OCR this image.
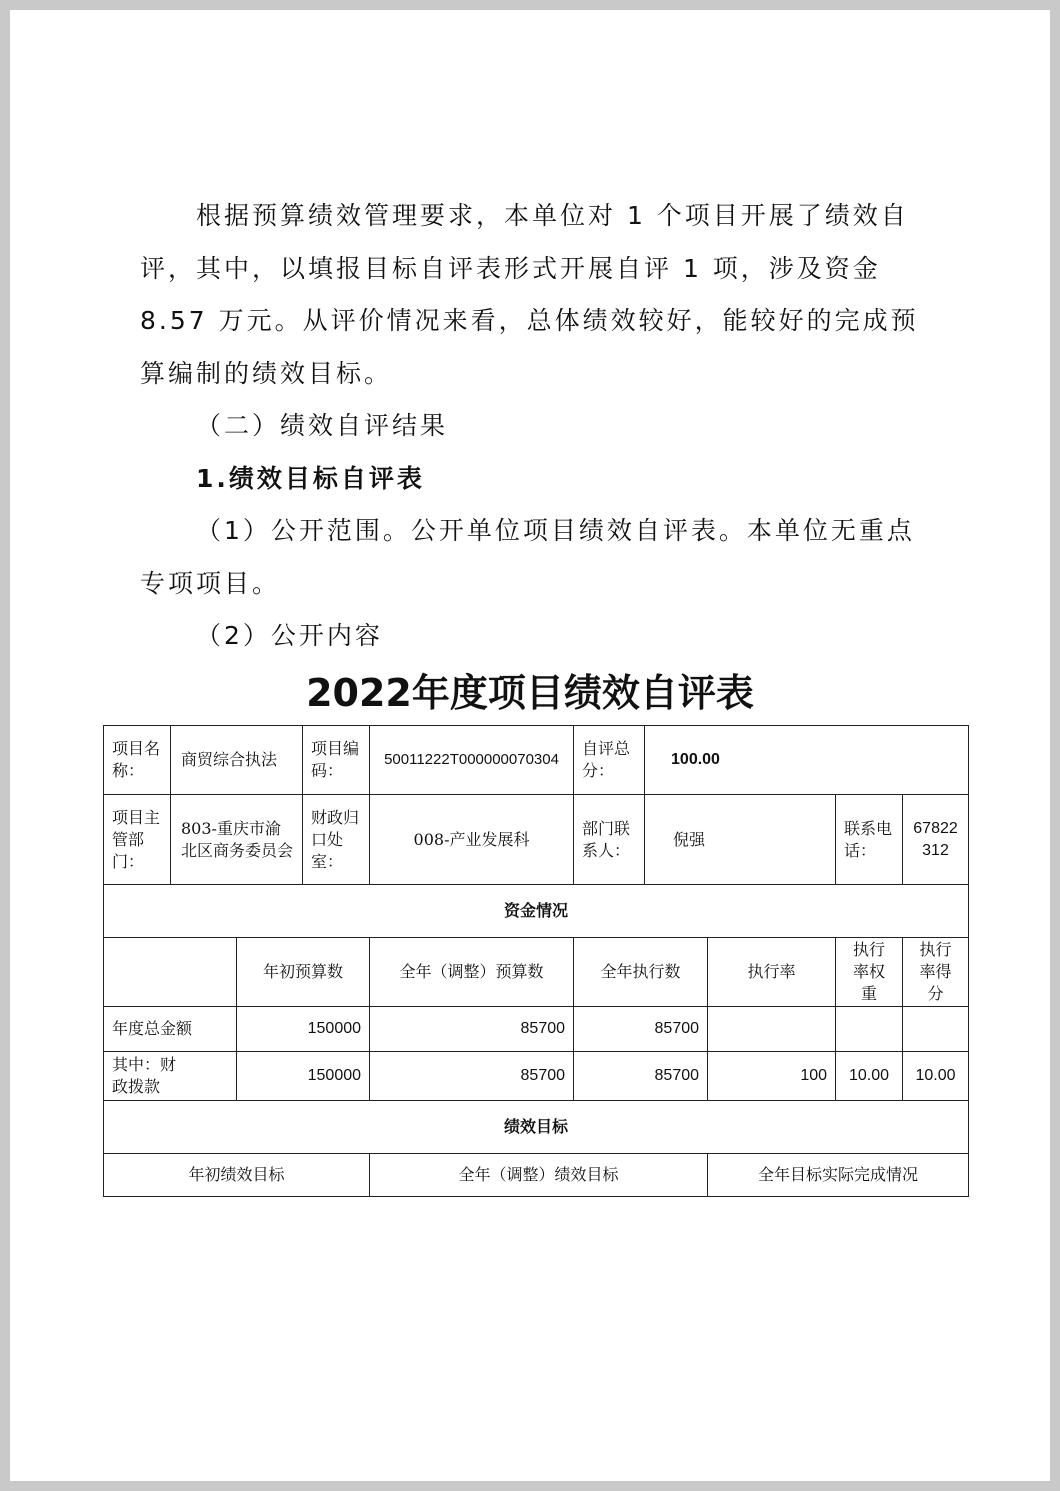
根据预算绩效管理要求，本单位对 1 个项目开展了绩效自评，其中，以填报目标自评表形式开展自评 1 项，涉及资金 8.57 万元。从评价情况来看，总体绩效较好，能较好的完成预算编制的绩效目标。

（二）绩效自评结果

1.绩效目标自评表

（1）公开范围。公开单位项目绩效自评表。本单位无重点专项项目。

（2）公开内容

2022年度项目绩效自评表
项目名称：	商贸综合执法		项目编码：	50011222T000000070304	自评总分：	100.00			
项目主管部门：	803-重庆市渝北区商务委员会		财政归口处室：	008-产业发展科	部门联系人：	倪强		联系电话：	67822312
资金情况									
		年初预算数		全年（调整）预算数	全年执行数		执行率	执行率权重	执行率得分
年度总金额		150000		85700	85700				
其中：财政拨款		150000		85700	85700		100	10.00	10.00
绩效目标									
年初绩效目标				全年（调整）绩效目标			全年目标实际完成情况		
